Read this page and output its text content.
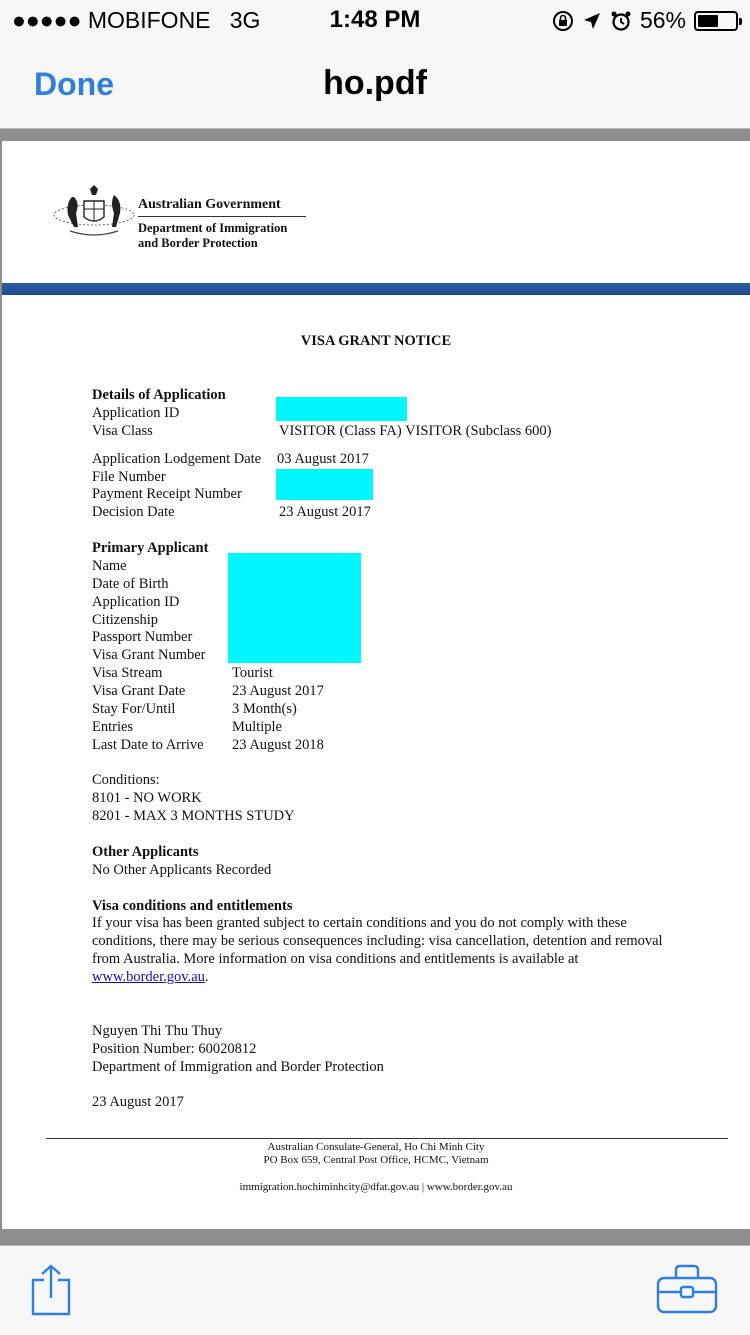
●●●●● MOBIFONE 3G	1:48 PM	56%
ho.pdf
Done
Australian Government
Department of Immigration
and Border Protection
VISA GRANT NOTICE
Details of Application
Application ID
Visa Class	VISITOR (Class FA) VISITOR (Subclass 600)
Application Lodgement Date 03 August 2017
File Number
Payment Receipt Number
Decision Date	23 August 2017
Primary Applicant
Name
Date of Birth
Application ID
Citizenship
Passport Number
Visa Grant Number
Visa Stream	Tourist
Visa Grant Date	23 August 2017
Stay For/Until	3 Month(s)
Entries	Multiple
Last Date to Arrive 23 August 2018
Conditions:
8101 - NO WORK
8201 - MAX 3 MONTHS STUDY
Other Applicants
No Other Applicants Recorded
Visa conditions and entitlements
If your visa has been granted subject to certain conditions and you do not comply with these conditions, there may be serious consequences including: visa cancellation, detention and removal from Australia. More information on visa conditions and entitlements is available at
www.border.gov.au.
Nguyen Thi Thu Thuy
Position Number: 60020812
Department of Immigration and Border Protection
23 August 2017
Australian Consulate-General, Ho Chi Minh City
PO Box 659, Central Post Office, HCMC, Vietnam
immigration.hochiminhcity@dfat.gov.au | www.border.gov.au
